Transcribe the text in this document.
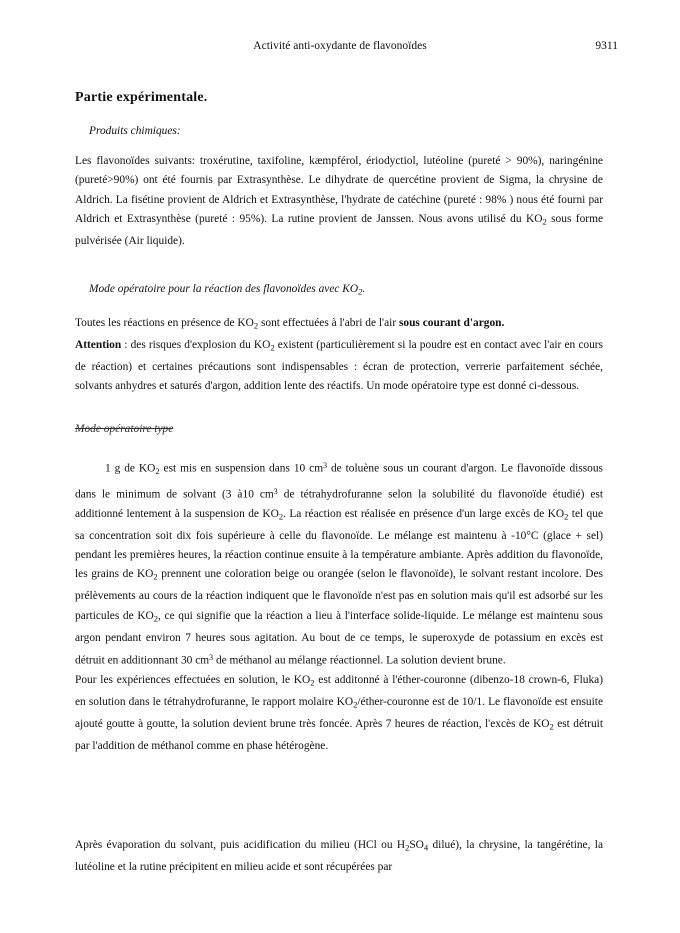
Activité anti-oxydante de flavonoïdes	9311
Partie expérimentale.
Produits chimiques:

Les flavonoïdes suivants: troxérutine, taxifoline, kæmpférol, ériodyctiol, lutéoline (pureté > 90%), naringénine (pureté>90%) ont été fournis par Extrasynthèse. Le dihydrate de quercétine provient de Sigma, la chrysine de Aldrich. La fisétine provient de Aldrich et Extrasynthèse, l'hydrate de catéchine (pureté : 98% ) nous été fourni par Aldrich et Extrasynthèse (pureté : 95%). La rutine provient de Janssen. Nous avons utilisé du $KO_2$ sous forme pulvérisée (Air liquide).

Mode opératoire pour la réaction des flavonoïdes avec $KO_2$.

Toutes les réactions en présence de $KO_2$ sont effectuées à l'abri de l'air sous courant d'argon.
Attention : des risques d'explosion du $KO_2$ existent (particulièrement si la poudre est en contact avec l'air en cours de réaction) et certaines précautions sont indispensables : écran de protection, verrerie parfaitement séchée, solvants anhydres et saturés d'argon, addition lente des réactifs. Un mode opératoire type est donné ci-dessous.

Mode opératoire type

1 g de $KO_2$ est mis en suspension dans 10 $cm^3$ de toluène sous un courant d'argon. Le flavonoïde dissous dans le minimum de solvant (3 à10 $cm^3$ de tétrahydrofuranne selon la solubilité du flavonoïde étudié) est additionné lentement à la suspension de $KO_2$. La réaction est réalisée en présence d'un large excès de $KO_2$ tel que sa concentration soit dix fois supérieure à celle du flavonoïde. Le mélange est maintenu à -10°C (glace + sel) pendant les premières heures, la réaction continue ensuite à la température ambiante. Après addition du flavonoïde, les grains de $KO_2$ prennent une coloration beige ou orangée (selon le flavonoïde), le solvant restant incolore. Des prélèvements au cours de la réaction indiquent que le flavonoïde n'est pas en solution mais qu'il est adsorbé sur les particules de $KO_2$, ce qui signifie que la réaction a lieu à l'interface solide-liquide. Le mélange est maintenu sous argon pendant environ 7 heures sous agitation. Au bout de ce temps, le superoxyde de potassium en excès est détruit en additionnant 30 $cm^3$ de méthanol au mélange réactionnel. La solution devient brune.
Pour les expériences effectuées en solution, le $KO_2$ est additonné à l'éther-couronne (dibenzo-18 crown-6, Fluka) en solution dans le tétrahydrofuranne, le rapport molaire $KO_2/éther$-couronne est de 10/1. Le flavonoïde est ensuite ajouté goutte à goutte, la solution devient brune très foncée. Après 7 heures de réaction, l'excès de $KO_2$ est détruit par l'addition de méthanol comme en phase hétérogène.

Après évaporation du solvant, puis acidification du milieu (HCl ou $H_2SO_4$ dilué), la chrysine, la tangérétine, la lutéoline et la rutine précipitent en milieu acide et sont récupérées par
